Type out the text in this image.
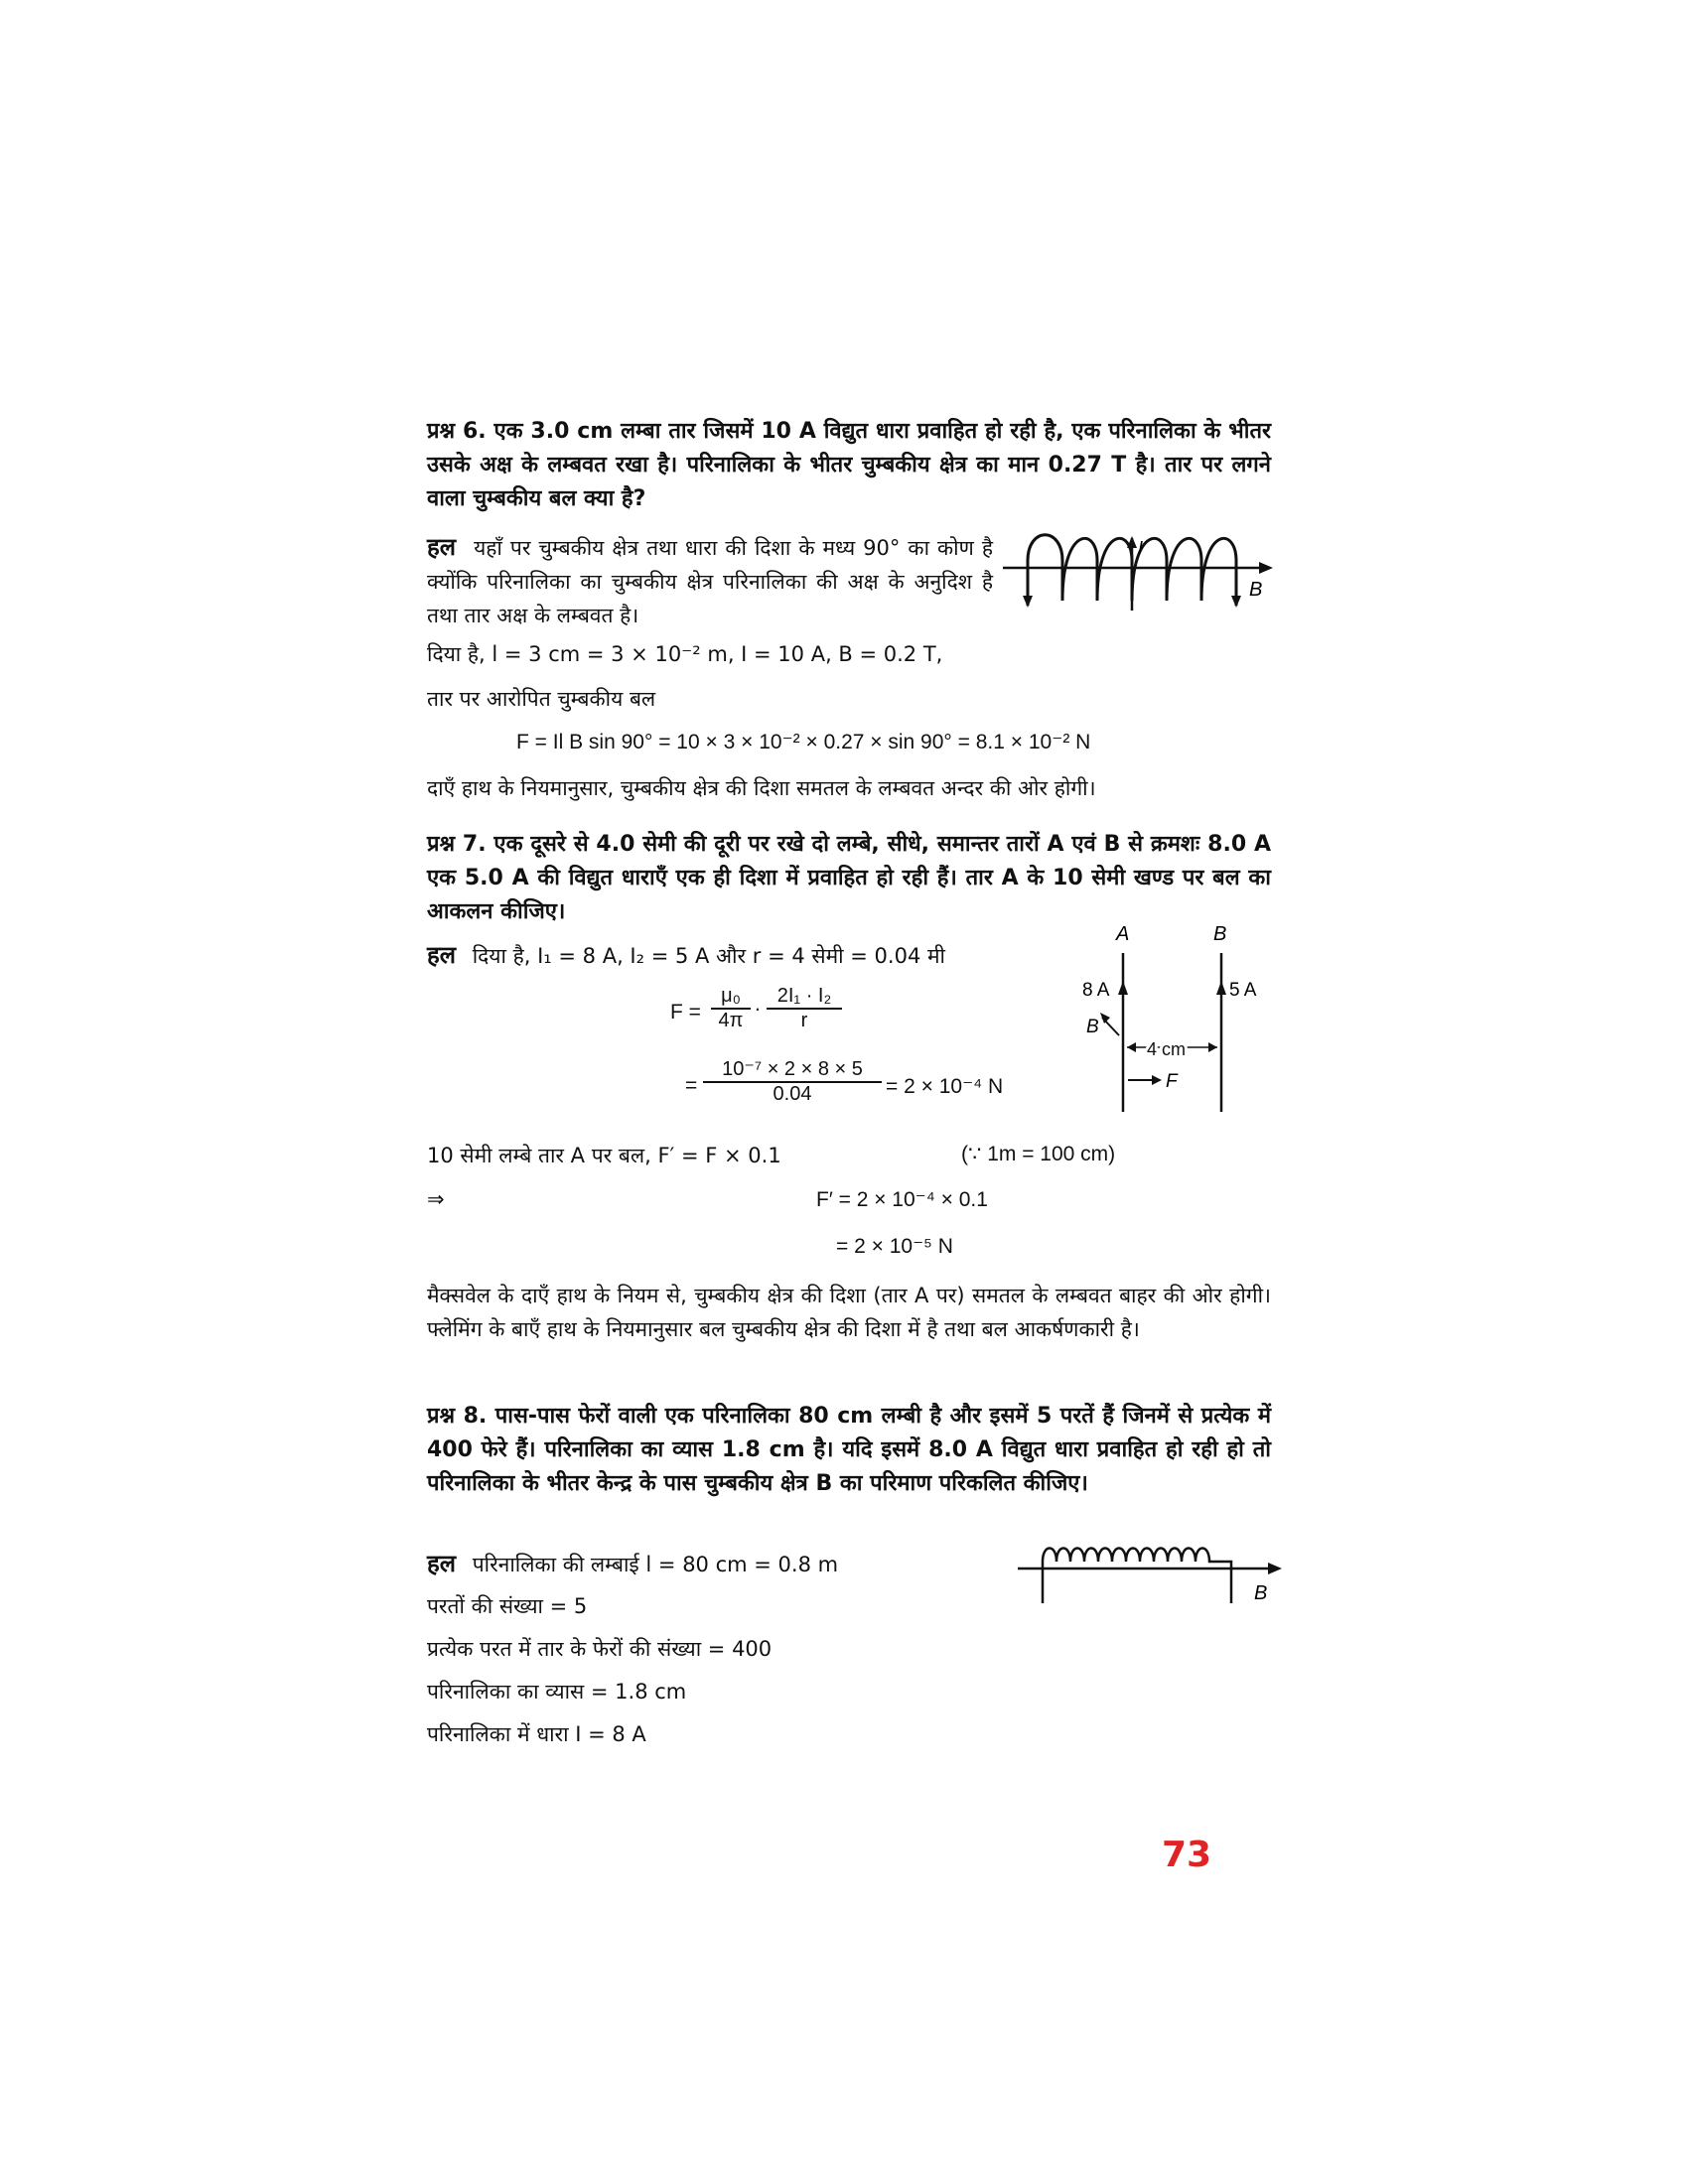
प्रश्न 6. एक 3.0 cm लम्बा तार जिसमें 10 A विद्युत धारा प्रवाहित हो रही है, एक परिनालिका के भीतर उसके अक्ष के लम्बवत रखा है। परिनालिका के भीतर चुम्बकीय क्षेत्र का मान 0.27 T है। तार पर लगने वाला चुम्बकीय बल क्या है?
हल यहाँ पर चुम्बकीय क्षेत्र तथा धारा की दिशा के मध्य 90° का कोण है क्योंकि परिनालिका का चुम्बकीय क्षेत्र परिनालिका की अक्ष के अनुदिश है तथा तार अक्ष के लम्बवत है।
I
B
दिया है, l = 3 cm = 3 × 10⁻² m, I = 10 A, B = 0.2 T,
तार पर आरोपित चुम्बकीय बल
F = Il B sin 90° = 10 × 3 × 10⁻² × 0.27 × sin 90° = 8.1 × 10⁻² N
दाएँ हाथ के नियमानुसार, चुम्बकीय क्षेत्र की दिशा समतल के लम्बवत अन्दर की ओर होगी।
प्रश्न 7. एक दूसरे से 4.0 सेमी की दूरी पर रखे दो लम्बे, सीधे, समान्तर तारों A एवं B से क्रमशः 8.0 A एक 5.0 A की विद्युत धाराएँ एक ही दिशा में प्रवाहित हो रही हैं। तार A के 10 सेमी खण्ड पर बल का आकलन कीजिए।
हल दिया है, I₁ = 8 A, I₂ = 5 A और r = 4 सेमी = 0.04 मी
$F = \frac{\text{μ₀}}{4\pi}$ . $\frac{\text{2I₁ · I₂}}{r}$
= $\frac{\text{10⁻⁷ × 2 × 8 × 5}}{0.04} = 2 \times 10^{-4}$ N
A	B
8 A	5 A
B
4 cm
F
10 सेमी लम्बे तार A पर बल, F′ = F × 0.1	(∵ 1m = 100 cm)
⇒	F′ = 2 × 10⁻⁴ × 0.1
= 2 × 10⁻⁵ N
मैक्सवेल के दाएँ हाथ के नियम से, चुम्बकीय क्षेत्र की दिशा (तार A पर) समतल के लम्बवत बाहर की ओर होगी। फ्लेमिंग के बाएँ हाथ के नियमानुसार बल चुम्बकीय क्षेत्र की दिशा में है तथा बल आकर्षणकारी है।
प्रश्न 8. पास-पास फेरों वाली एक परिनालिका 80 cm लम्बी है और इसमें 5 परतें हैं जिनमें से प्रत्येक में 400 फेरे हैं। परिनालिका का व्यास 1.8 cm है। यदि इसमें 8.0 A विद्युत धारा प्रवाहित हो रही हो तो परिनालिका के भीतर केन्द्र के पास चुम्बकीय क्षेत्र B का परिमाण परिकलित कीजिए।
हल परिनालिका की लम्बाई l = 80 cm = 0.8 m
B
परतों की संख्या = 5
प्रत्येक परत में तार के फेरों की संख्या = 400
परिनालिका का व्यास = 1.8 cm
परिनालिका में धारा I = 8 A
73
